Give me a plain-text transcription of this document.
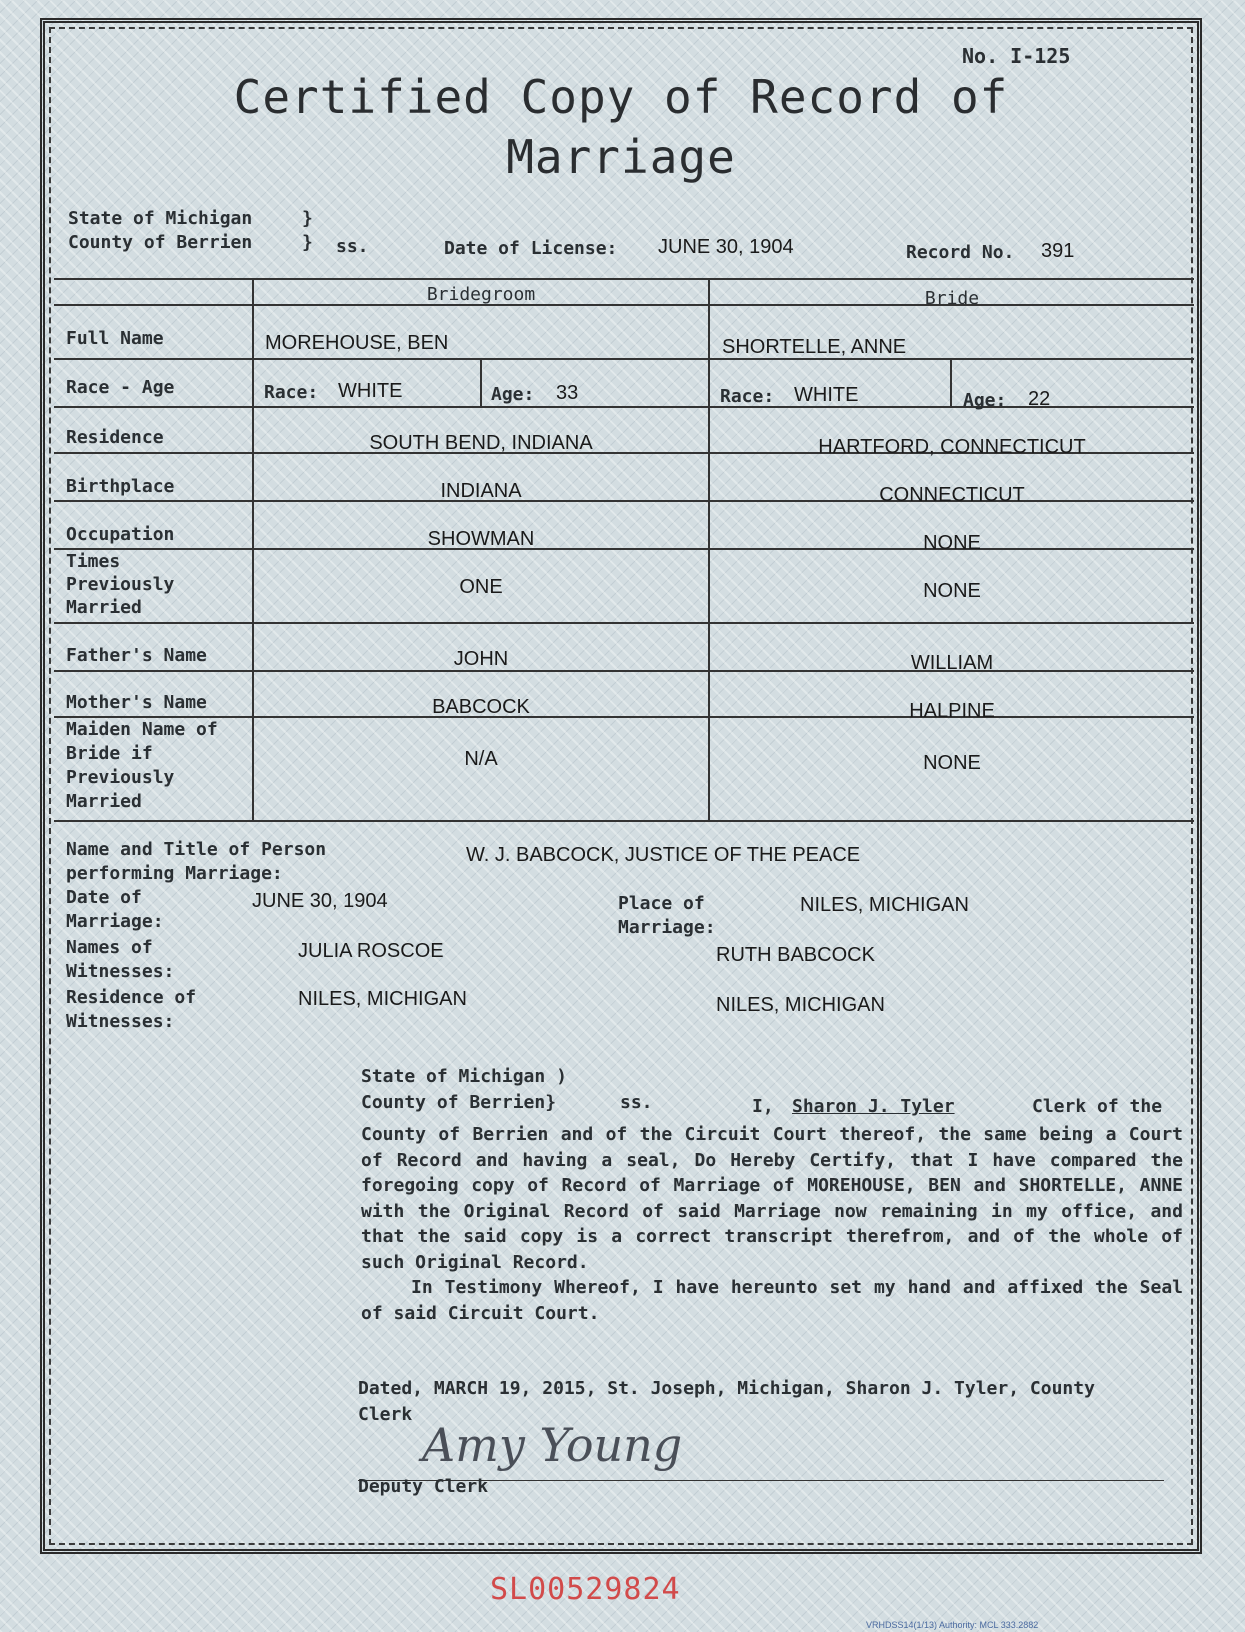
No. I-125
Certified Copy of Record of
Marriage
State of Michigan	}
County of Berrien	} ss.	Date of License: JUNE 30, 1904	Record No. 391
Bridegroom	Bride
Full Name	MOREHOUSE, BEN	SHORTELLE, ANNE
Race - Age	Race: WHITE	Age: 33	Race: WHITE	Age: 22
Residence	SOUTH BEND, INDIANA	HARTFORD, CONNECTICUT
Birthplace	INDIANA	CONNECTICUT
Occupation	SHOWMAN	NONE
Times
Previously
Married
ONE	NONE
Father's Name	JOHN	WILLIAM
Mother's Name	BABCOCK	HALPINE
Maiden Name of
Bride if
Previously
Married
N/A	NONE
Name and Title of Person
performing Marriage:
W. J. BABCOCK, JUSTICE OF THE PEACE
Date of
Marriage:
JUNE 30, 1904	Place of
Marriage:
NILES, MICHIGAN
Names of
Witnesses:
JULIA ROSCOE	RUTH BABCOCK
Residence of
Witnesses:
NILES, MICHIGAN	NILES, MICHIGAN
State of Michigan )
County of Berrien}	ss.	I, Sharon J. Tyler	Clerk of the

County of Berrien and of the Circuit Court thereof, the same being a Court of Record and having a seal, Do Hereby Certify, that I have compared the foregoing copy of Record of Marriage of MOREHOUSE, BEN and SHORTELLE, ANNE with the Original Record of said Marriage now remaining in my office, and that the said copy is a correct transcript therefrom, and of the whole of such Original Record.

In Testimony Whereof, I have hereunto set my hand and affixed the Seal of said Circuit Court.

Dated, MARCH 19, 2015, St. Joseph, Michigan, Sharon J. Tyler, County Clerk
Amy Young
Deputy Clerk
SL00529824
VRHDSS14(1/13) Authority: MCL 333.2882
